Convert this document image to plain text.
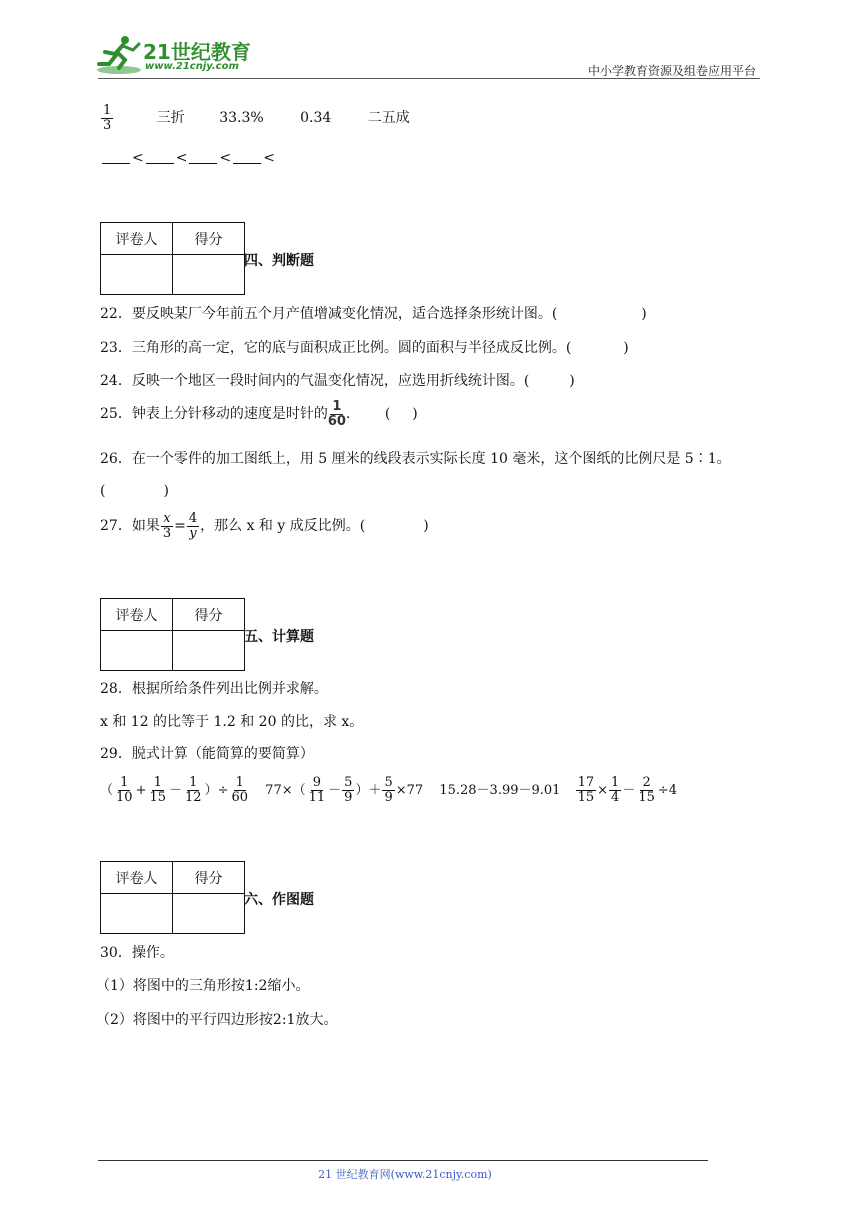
21世纪教育
www.21cnjy.com	中小学教育资源及组卷应用平台
$\frac{1}{3}$	三折 33.3%	0.34	二五成
< < < <
评卷人	得分

四、判断题
22．要反映某厂今年前五个月产值增减变化情况，适合选择条形统计图。(	)
23．三角形的高一定，它的底与面积成正比例。圆的面积与半径成反比例。(	)
24．反映一个地区一段时间内的气温变化情况，应选用折线统计图。(	)
25．钟表上分针移动的速度是时针的 $\frac{1}{60}$ . ( )
26．在一个零件的加工图纸上，用 5 厘米的线段表示实际长度 10 毫米，这个图纸的比例尺是 5∶1。
(	)
27．如果 $\frac{x}{3} = \frac{4}{y}$ ，那么 x 和 y 成反比例。(	)
评卷人	得分

五、计算题
28．根据所给条件列出比例并求解。
x 和 12 的比等于 1.2 和 20 的比，求 x。
29．脱式计算（能简算的要简算）
（ $\frac{1}{10} + \frac{1}{15} - \frac{1}{12}$ ）÷ $\frac{1}{60} 77\times( \frac{9}{11} - \frac{5}{9}$ ）＋ $\frac{5}{9} \times 77$ $15.28-3.99-9.01 \frac{17}{15} \times \frac{1}{4} - \frac{2}{15} \div 4$
评卷人	得分

六、作图题
30．操作。
（1）将图中的三角形按1:2缩小。
（2）将图中的平行四边形按2:1放大。
21 世纪教育网(www.21cnjy.com)
